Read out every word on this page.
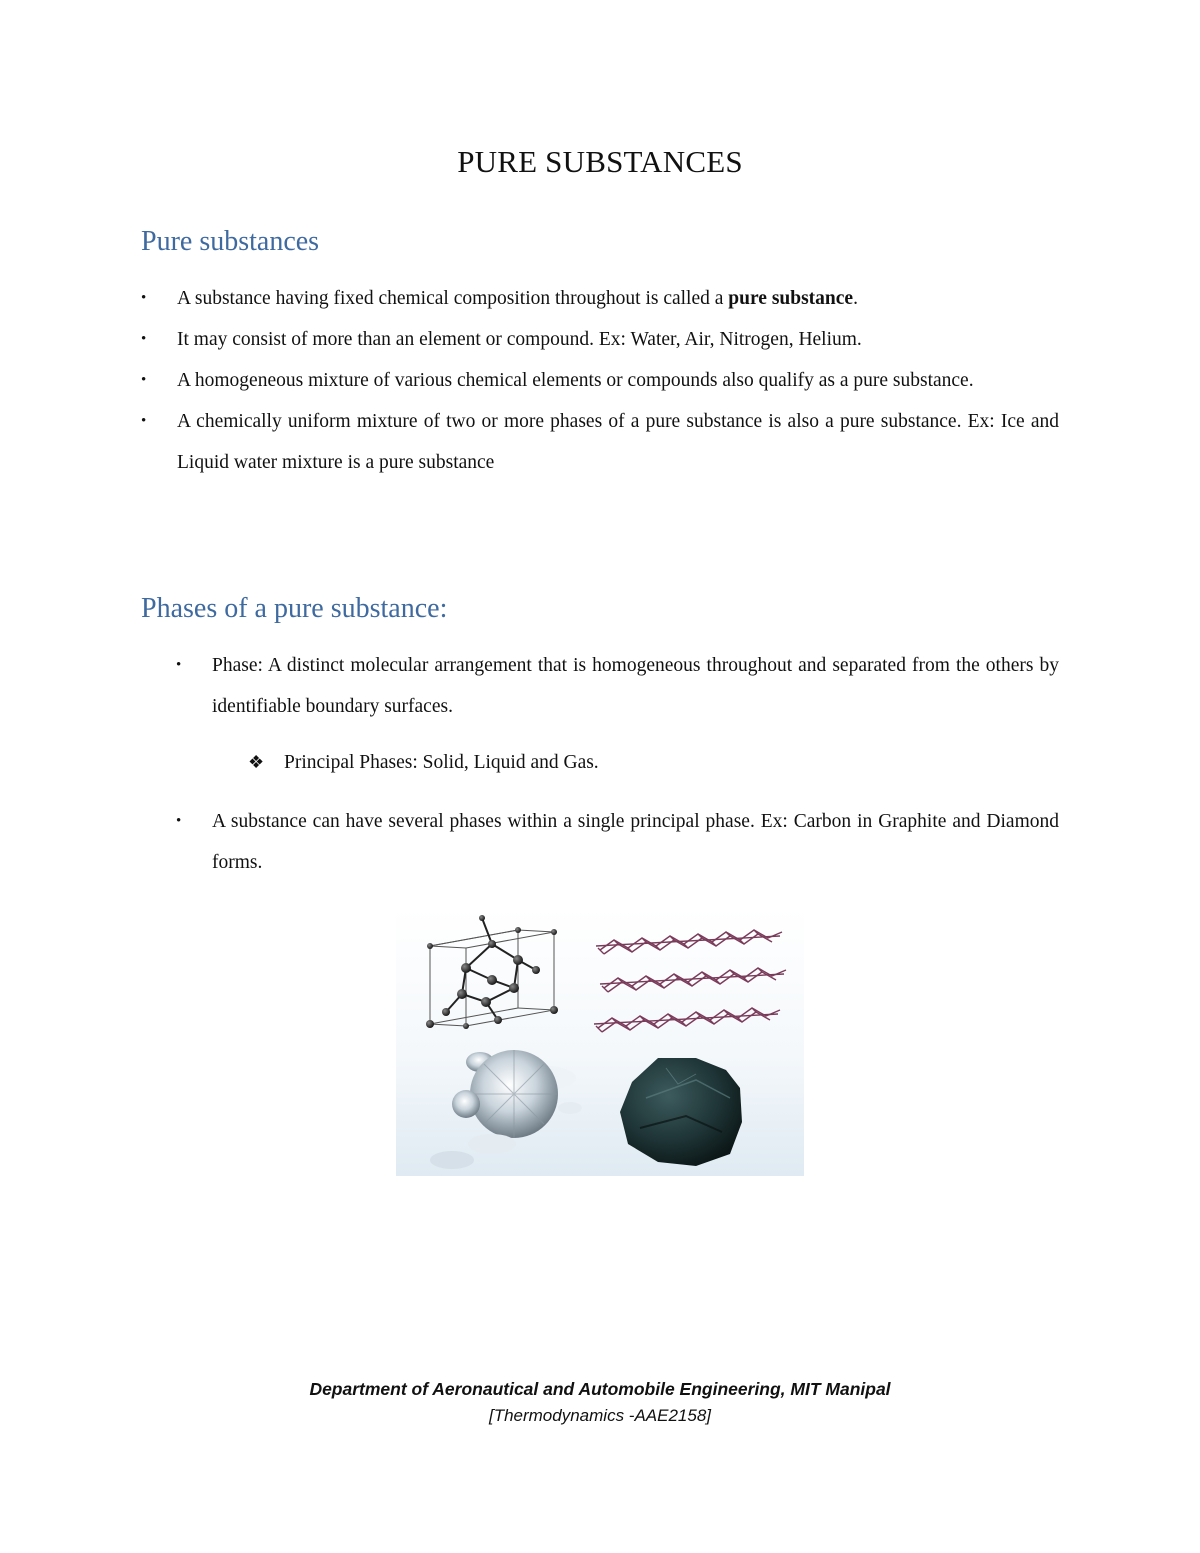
PURE SUBSTANCES
Pure substances
• A substance having fixed chemical composition throughout is called a pure substance.
• It may consist of more than an element or compound. Ex: Water, Air, Nitrogen, Helium.
• A homogeneous mixture of various chemical elements or compounds also qualify as a pure substance.
• A chemically uniform mixture of two or more phases of a pure substance is also a pure substance. Ex: Ice and Liquid water mixture is a pure substance
Phases of a pure substance:
• Phase: A distinct molecular arrangement that is homogeneous throughout and separated from the others by identifiable boundary surfaces.
❖ Principal Phases: Solid, Liquid and Gas.
• A substance can have several phases within a single principal phase. Ex: Carbon in Graphite and Diamond forms.
Department of Aeronautical and Automobile Engineering, MIT Manipal
[Thermodynamics -AAE2158]
